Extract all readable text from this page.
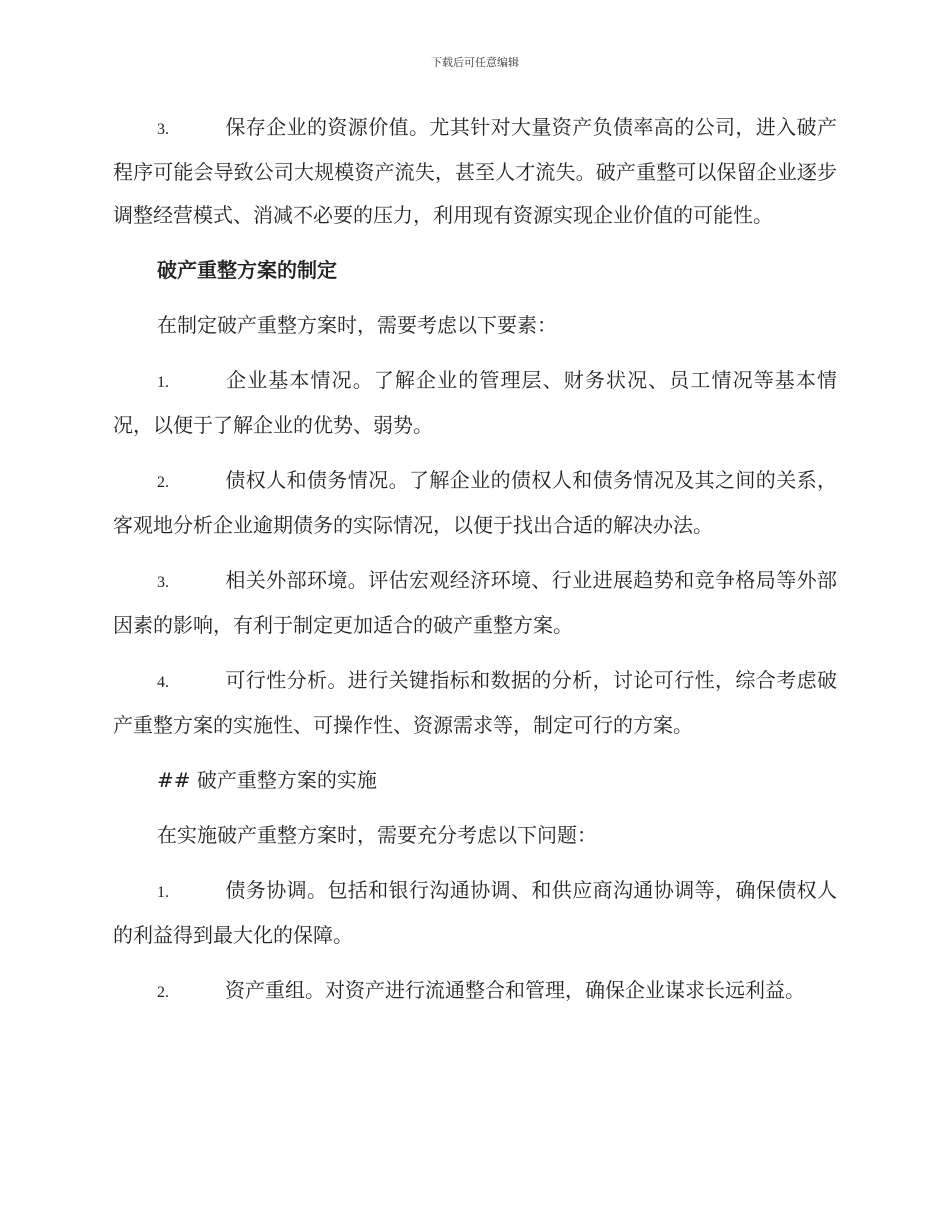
下载后可任意编辑

3.	保存企业的资源价值。尤其针对大量资产负债率高的公司，进入破产程序可能会导致公司大规模资产流失，甚至人才流失。破产重整可以保留企业逐步调整经营模式、消减不必要的压力，利用现有资源实现企业价值的可能性。

破产重整方案的制定

在制定破产重整方案时，需要考虑以下要素：

1.	企业基本情况。了解企业的管理层、财务状况、员工情况等基本情况，以便于了解企业的优势、弱势。

2.	债权人和债务情况。了解企业的债权人和债务情况及其之间的关系，客观地分析企业逾期债务的实际情况，以便于找出合适的解决办法。

3.	相关外部环境。评估宏观经济环境、行业进展趋势和竞争格局等外部因素的影响，有利于制定更加适合的破产重整方案。

4.	可行性分析。进行关键指标和数据的分析，讨论可行性，综合考虑破产重整方案的实施性、可操作性、资源需求等，制定可行的方案。

## 破产重整方案的实施

在实施破产重整方案时，需要充分考虑以下问题：

1.	债务协调。包括和银行沟通协调、和供应商沟通协调等，确保债权人的利益得到最大化的保障。

2.	资产重组。对资产进行流通整合和管理，确保企业谋求长远利益。
